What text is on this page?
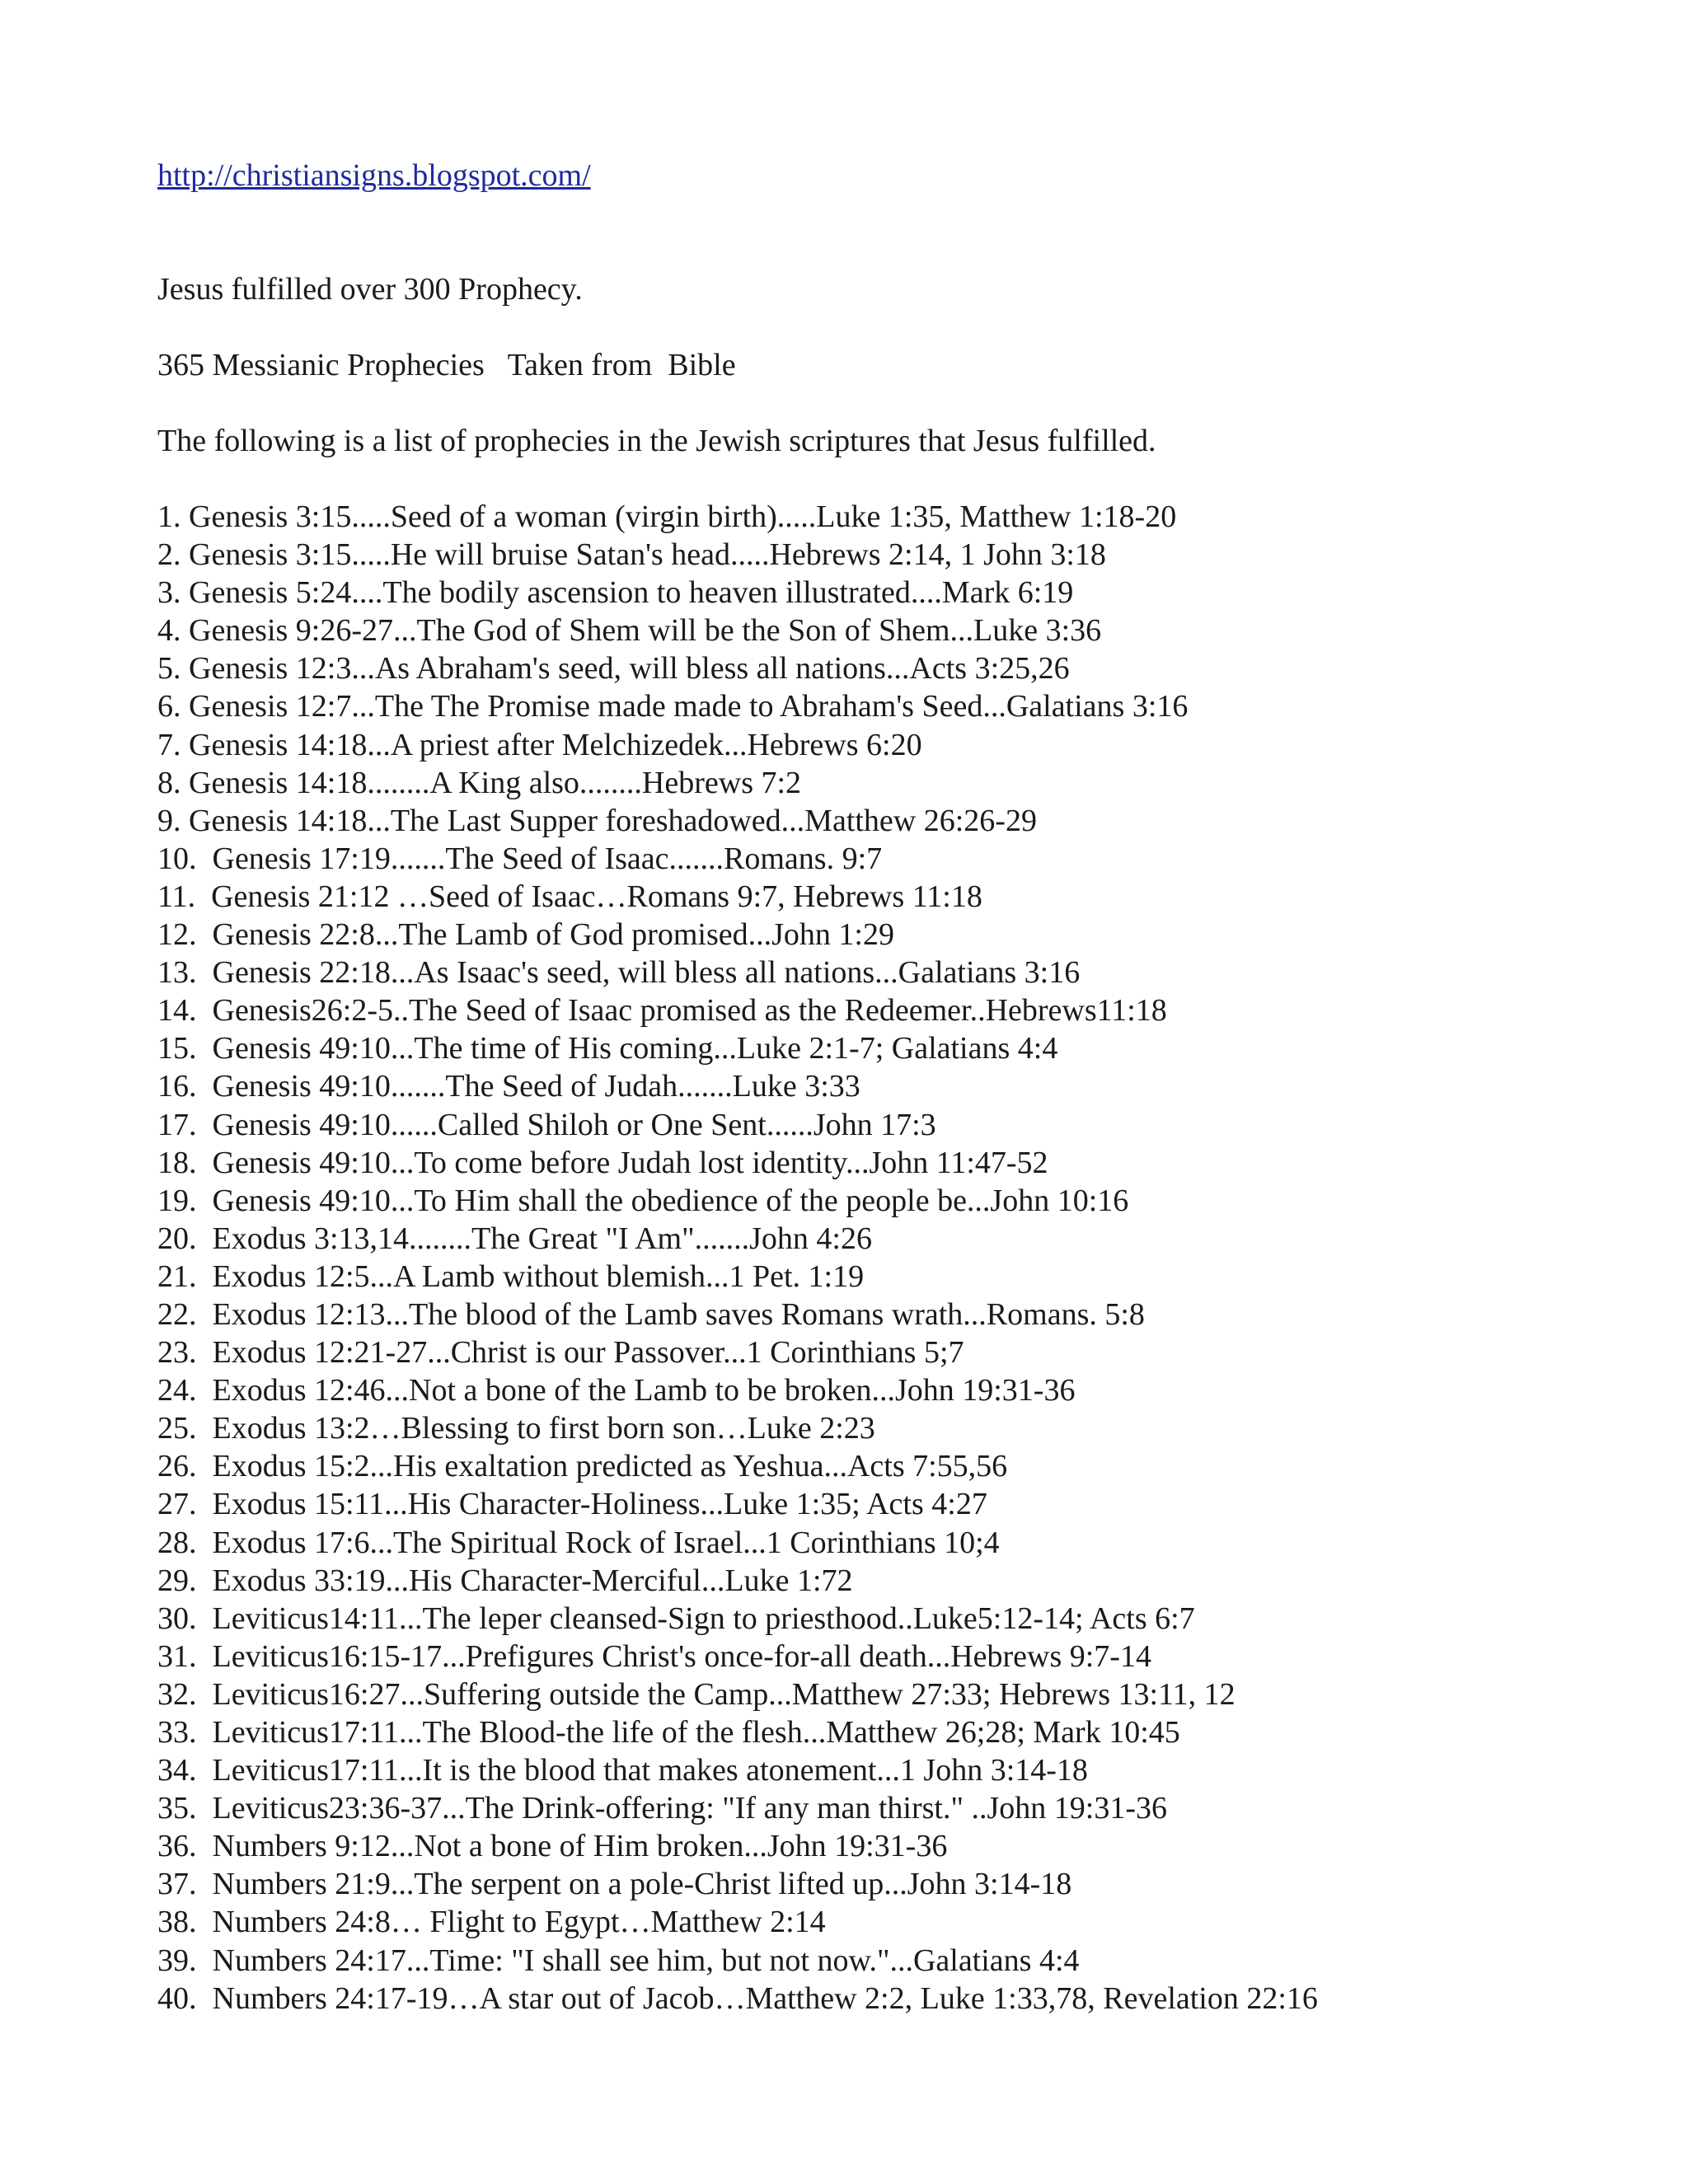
http://christiansigns.blogspot.com/
Jesus fulfilled over 300 Prophecy.
365 Messianic Prophecies   Taken from  Bible
The following is a list of prophecies in the Jewish scriptures that Jesus fulfilled.
1. Genesis 3:15.....Seed of a woman (virgin birth).....Luke 1:35, Matthew 1:18-20
2. Genesis 3:15.....He will bruise Satan's head.....Hebrews 2:14, 1 John 3:18
3. Genesis 5:24....The bodily ascension to heaven illustrated....Mark 6:19
4. Genesis 9:26-27...The God of Shem will be the Son of Shem...Luke 3:36
5. Genesis 12:3...As Abraham's seed, will bless all nations...Acts 3:25,26
6. Genesis 12:7...The The Promise made made to Abraham's Seed...Galatians 3:16
7. Genesis 14:18...A priest after Melchizedek...Hebrews 6:20
8. Genesis 14:18........A King also........Hebrews 7:2
9. Genesis 14:18...The Last Supper foreshadowed...Matthew 26:26-29
10.  Genesis 17:19.......The Seed of Isaac.......Romans. 9:7
11.  Genesis 21:12 …Seed of Isaac…Romans 9:7, Hebrews 11:18
12.  Genesis 22:8...The Lamb of God promised...John 1:29
13.  Genesis 22:18...As Isaac's seed, will bless all nations...Galatians 3:16
14.  Genesis26:2-5..The Seed of Isaac promised as the Redeemer..Hebrews11:18
15.  Genesis 49:10...The time of His coming...Luke 2:1-7; Galatians 4:4
16.  Genesis 49:10.......The Seed of Judah.......Luke 3:33
17.  Genesis 49:10......Called Shiloh or One Sent......John 17:3
18.  Genesis 49:10...To come before Judah lost identity...John 11:47-52
19.  Genesis 49:10...To Him shall the obedience of the people be...John 10:16
20.  Exodus 3:13,14........The Great "I Am".......John 4:26
21.  Exodus 12:5...A Lamb without blemish...1 Pet. 1:19
22.  Exodus 12:13...The blood of the Lamb saves Romans wrath...Romans. 5:8
23.  Exodus 12:21-27...Christ is our Passover...1 Corinthians 5;7
24.  Exodus 12:46...Not a bone of the Lamb to be broken...John 19:31-36
25.  Exodus 13:2…Blessing to first born son…Luke 2:23
26.  Exodus 15:2...His exaltation predicted as Yeshua...Acts 7:55,56
27.  Exodus 15:11...His Character-Holiness...Luke 1:35; Acts 4:27
28.  Exodus 17:6...The Spiritual Rock of Israel...1 Corinthians 10;4
29.  Exodus 33:19...His Character-Merciful...Luke 1:72
30.  Leviticus14:11...The leper cleansed-Sign to priesthood..Luke5:12-14; Acts 6:7
31.  Leviticus16:15-17...Prefigures Christ's once-for-all death...Hebrews 9:7-14
32.  Leviticus16:27...Suffering outside the Camp...Matthew 27:33; Hebrews 13:11, 12
33.  Leviticus17:11...The Blood-the life of the flesh...Matthew 26;28; Mark 10:45
34.  Leviticus17:11...It is the blood that makes atonement...1 John 3:14-18
35.  Leviticus23:36-37...The Drink-offering: "If any man thirst." ..John 19:31-36
36.  Numbers 9:12...Not a bone of Him broken...John 19:31-36
37.  Numbers 21:9...The serpent on a pole-Christ lifted up...John 3:14-18
38.  Numbers 24:8… Flight to Egypt…Matthew 2:14
39.  Numbers 24:17...Time: "I shall see him, but not now."...Galatians 4:4
40.  Numbers 24:17-19…A star out of Jacob…Matthew 2:2, Luke 1:33,78, Revelation 22:16
